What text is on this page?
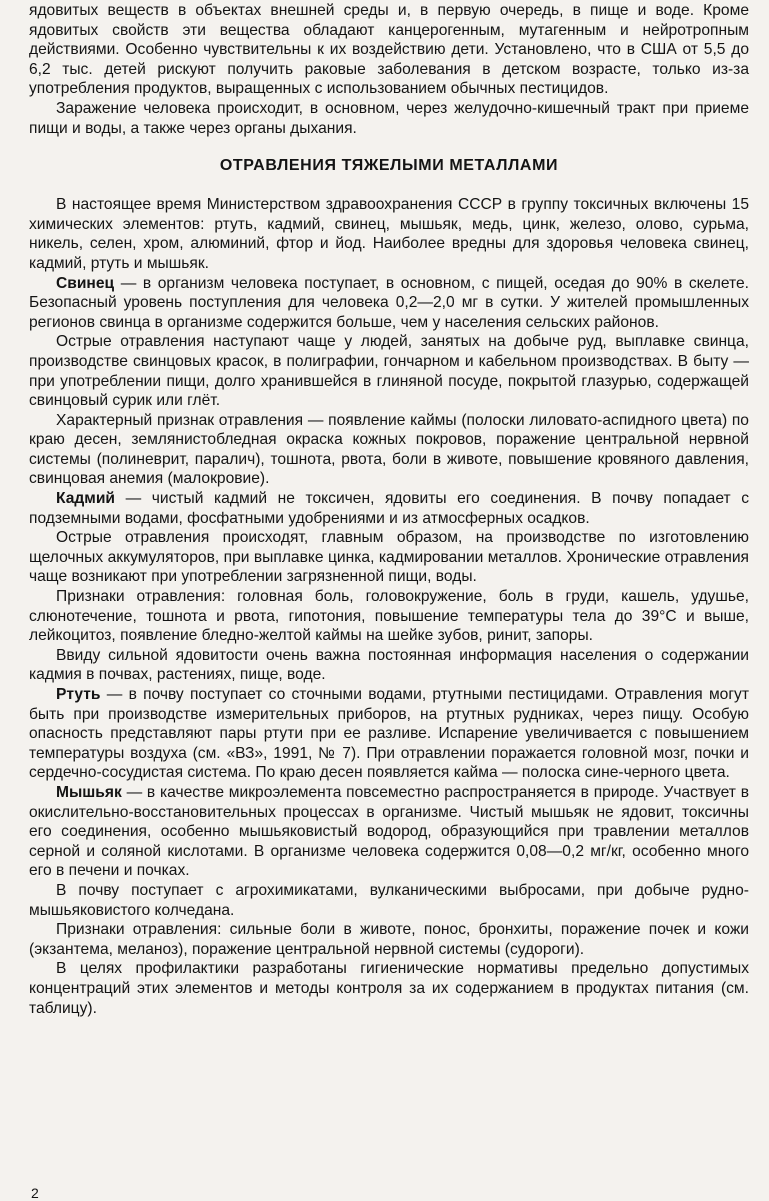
ядовитых веществ в объектах внешней среды и, в первую очередь, в пище и воде. Кроме ядовитых свойств эти вещества обладают канцерогенным, мутагенным и нейротропным действиями. Особенно чувствительны к их воздействию дети. Установлено, что в США от 5,5 до 6,2 тыс. детей рискуют получить раковые заболевания в детском возрасте, только из-за употребления продуктов, выращенных с использованием обычных пестицидов.

Заражение человека происходит, в основном, через желудочно-кишечный тракт при приеме пищи и воды, а также через органы дыхания.

ОТРАВЛЕНИЯ ТЯЖЕЛЫМИ МЕТАЛЛАМИ

В настоящее время Министерством здравоохранения СССР в группу токсичных включены 15 химических элементов: ртуть, кадмий, свинец, мышьяк, медь, цинк, железо, олово, сурьма, никель, селен, хром, алюминий, фтор и йод. Наиболее вредны для здоровья человека свинец, кадмий, ртуть и мышьяк.

Свинец — в организм человека поступает, в основном, с пищей, оседая до 90% в скелете. Безопасный уровень поступления для человека 0,2—2,0 мг в сутки. У жителей промышленных регионов свинца в организме содержится больше, чем у населения сельских районов.

Острые отравления наступают чаще у людей, занятых на добыче руд, выплавке свинца, производстве свинцовых красок, в полиграфии, гончарном и кабельном производствах. В быту — при употреблении пищи, долго хранившейся в глиняной посуде, покрытой глазурью, содержащей свинцовый сурик или глёт.

Характерный признак отравления — появление каймы (полоски лиловато-аспидного цвета) по краю десен, землянистобледная окраска кожных покровов, поражение центральной нервной системы (полиневрит, паралич), тошнота, рвота, боли в животе, повышение кровяного давления, свинцовая анемия (малокровие).

Кадмий — чистый кадмий не токсичен, ядовиты его соединения. В почву попадает с подземными водами, фосфатными удобрениями и из атмосферных осадков.

Острые отравления происходят, главным образом, на производстве по изготовлению щелочных аккумуляторов, при выплавке цинка, кадмировании металлов. Хронические отравления чаще возникают при употреблении загрязненной пищи, воды.

Признаки отравления: головная боль, головокружение, боль в груди, кашель, удушье, слюнотечение, тошнота и рвота, гипотония, повышение температуры тела до 39°С и выше, лейкоцитоз, появление бледно-желтой каймы на шейке зубов, ринит, запоры.

Ввиду сильной ядовитости очень важна постоянная информация населения о содержании кадмия в почвах, растениях, пище, воде.

Ртуть — в почву поступает со сточными водами, ртутными пестицидами. Отравления могут быть при производстве измерительных приборов, на ртутных рудниках, через пищу. Особую опасность представляют пары ртути при ее разливе. Испарение увеличивается с повышением температуры воздуха (см. «ВЗ», 1991, № 7). При отравлении поражается головной мозг, почки и сердечно-сосудистая система. По краю десен появляется кайма — полоска сине-черного цвета.

Мышьяк — в качестве микроэлемента повсеместно распространяется в природе. Участвует в окислительно-восстановительных процессах в организме. Чистый мышьяк не ядовит, токсичны его соединения, особенно мышьяковистый водород, образующийся при травлении металлов серной и соляной кислотами. В организме человека содержится 0,08—0,2 мг/кг, особенно много его в печени и почках.

В почву поступает с агрохимикатами, вулканическими выбросами, при добыче рудно-мышьяковистого колчедана.

Признаки отравления: сильные боли в животе, понос, бронхиты, поражение почек и кожи (экзантема, меланоз), поражение центральной нервной системы (судороги).

В целях профилактики разработаны гигиенические нормативы предельно допустимых концентраций этих элементов и методы контроля за их содержанием в продуктах питания (см. таблицу).

2
